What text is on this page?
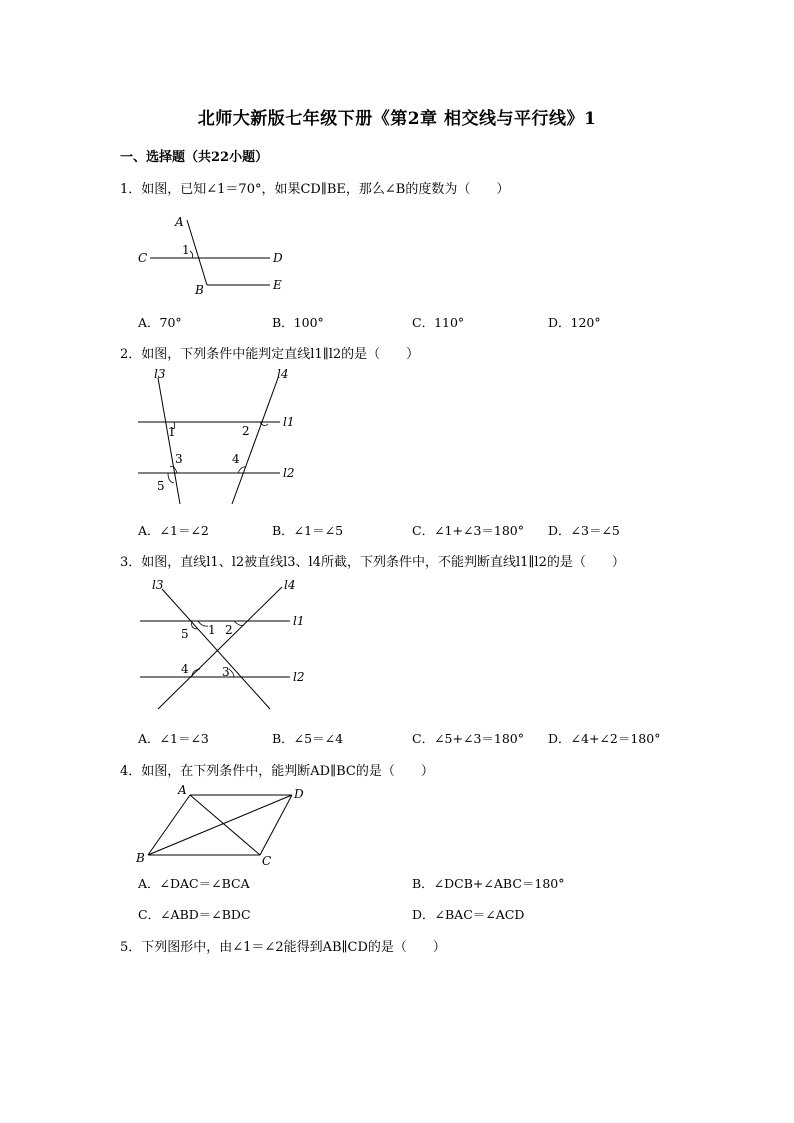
北师大新版七年级下册《第2章 相交线与平行线》1
一、选择题（共22小题）
1．如图，已知∠1＝70°，如果CD∥BE，那么∠B的度数为（　　）
A
C	D
B	E
1
A．70°	B．100°	C．110°	D．120°
2．如图，下列条件中能判定直线l1∥l2的是（　　）
l3	l4
l1
l2
1	2
3	4
5
A．∠1＝∠2	B．∠1＝∠5	C．∠1+∠3＝180° D．∠3＝∠5
3．如图，直线l1、l2被直线l3、l4所截，下列条件中，不能判断直线l1∥l2的是（　　）
l3	l4
l1
l2
1 2
3
4
5
A．∠1＝∠3	B．∠5＝∠4	C．∠5+∠3＝180° D．∠4+∠2＝180°
4．如图，在下列条件中，能判断AD∥BC的是（　　）
A	D
B	C
A．∠DAC＝∠BCA	B．∠DCB+∠ABC＝180°
C．∠ABD＝∠BDC	D．∠BAC＝∠ACD
5．下列图形中，由∠1＝∠2能得到AB∥CD的是（　　）
